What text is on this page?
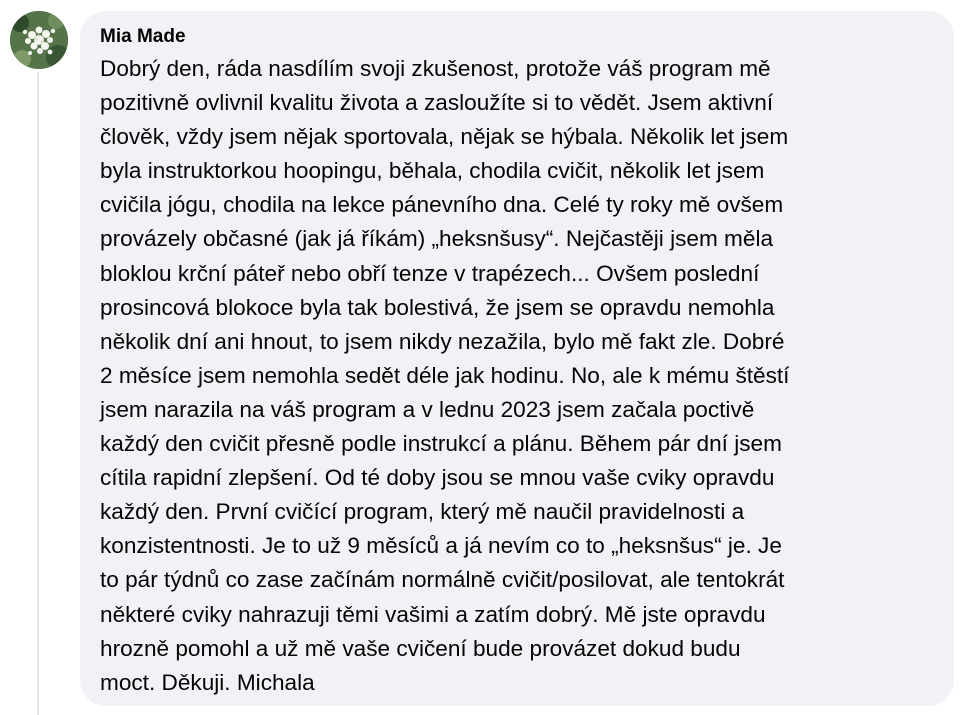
Mia Made

Dobrý den, ráda nasdílím svoji zkušenost, protože váš program mě
pozitivně ovlivnil kvalitu života a zasloužíte si to vědět. Jsem aktivní
člověk, vždy jsem nějak sportovala, nějak se hýbala. Několik let jsem
byla instruktorkou hoopingu, běhala, chodila cvičit, několik let jsem
cvičila jógu, chodila na lekce pánevního dna. Celé ty roky mě ovšem
provázely občasné (jak já říkám) „heksnšusy“. Nejčastěji jsem měla
bloklou krční páteř nebo obří tenze v trapézech... Ovšem poslední
prosincová blokoce byla tak bolestivá, že jsem se opravdu nemohla
několik dní ani hnout, to jsem nikdy nezažila, bylo mě fakt zle. Dobré
2 měsíce jsem nemohla sedět déle jak hodinu. No, ale k mému štěstí
jsem narazila na váš program a v lednu 2023 jsem začala poctivě
každý den cvičit přesně podle instrukcí a plánu. Během pár dní jsem
cítila rapidní zlepšení. Od té doby jsou se mnou vaše cviky opravdu
každý den. První cvičící program, který mě naučil pravidelnosti a
konzistentnosti. Je to už 9 měsíců a já nevím co to „heksnšus“ je. Je
to pár týdnů co zase začínám normálně cvičit/posilovat, ale tentokrát
některé cviky nahrazuji těmi vašimi a zatím dobrý. Mě jste opravdu
hrozně pomohl a už mě vaše cvičení bude provázet dokud budu
moct. Děkuji. Michala
